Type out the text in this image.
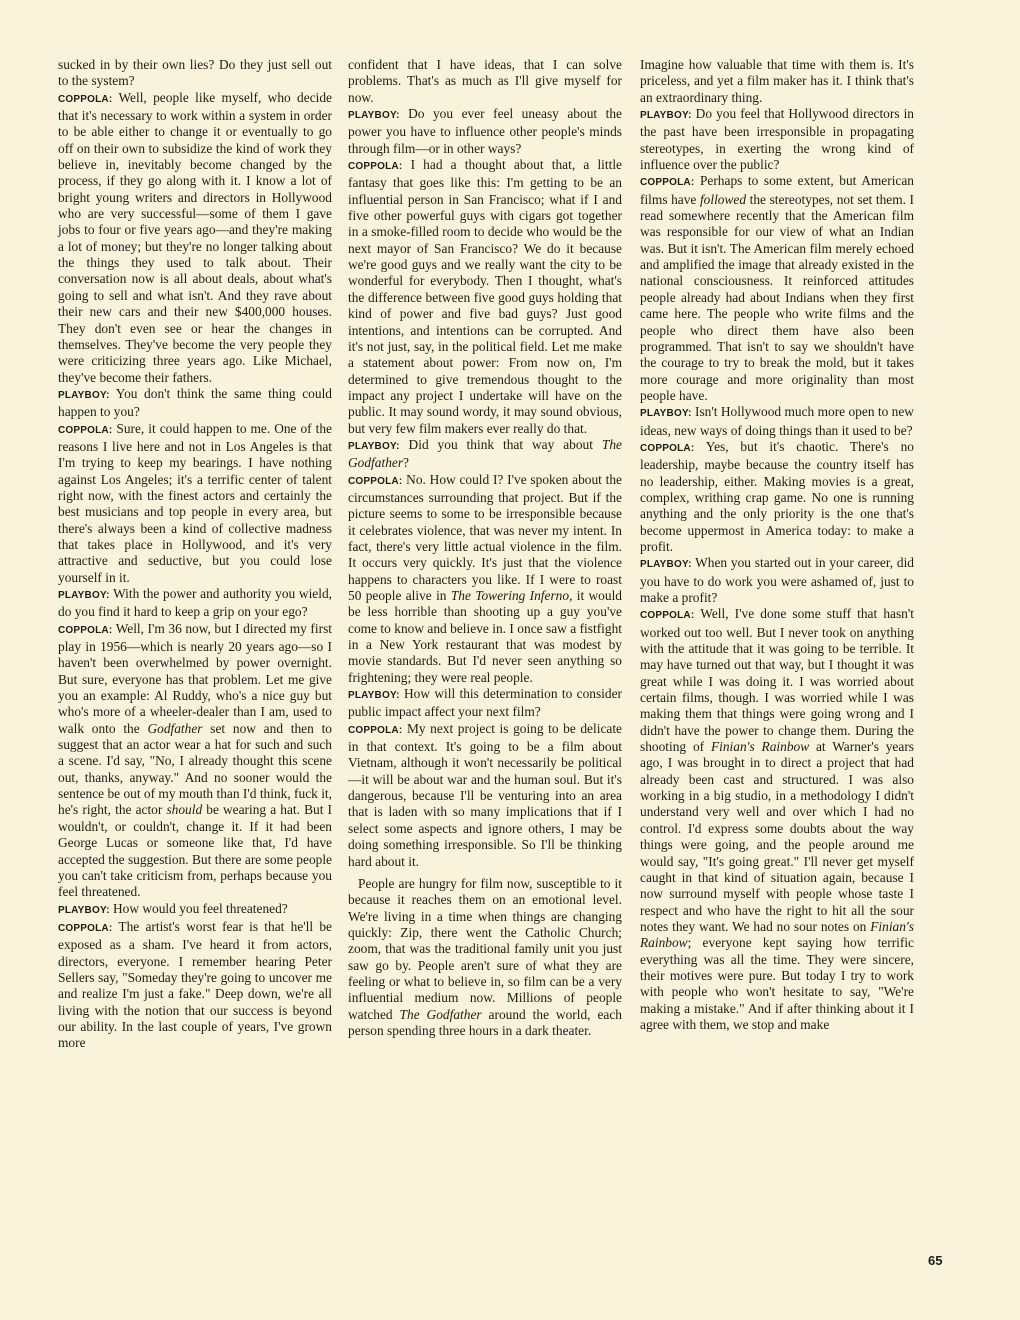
sucked in by their own lies? Do they just sell out to the system?

COPPOLA: Well, people like myself, who decide that it's necessary to work within a system in order to be able either to change it or eventually to go off on their own to subsidize the kind of work they believe in, inevitably become changed by the process, if they go along with it. I know a lot of bright young writers and directors in Hollywood who are very successful—some of them I gave jobs to four or five years ago—and they're making a lot of money; but they're no longer talking about the things they used to talk about. Their conversation now is all about deals, about what's going to sell and what isn't. And they rave about their new cars and their new $400,000 houses. They don't even see or hear the changes in themselves. They've become the very people they were criticizing three years ago. Like Michael, they've become their fathers.

PLAYBOY: You don't think the same thing could happen to you?

COPPOLA: Sure, it could happen to me. One of the reasons I live here and not in Los Angeles is that I'm trying to keep my bearings. I have nothing against Los Angeles; it's a terrific center of talent right now, with the finest actors and certainly the best musicians and top people in every area, but there's always been a kind of collective madness that takes place in Hollywood, and it's very attractive and seductive, but you could lose yourself in it.

PLAYBOY: With the power and authority you wield, do you find it hard to keep a grip on your ego?

COPPOLA: Well, I'm 36 now, but I directed my first play in 1956—which is nearly 20 years ago—so I haven't been overwhelmed by power overnight. But sure, everyone has that problem. Let me give you an example: Al Ruddy, who's a nice guy but who's more of a wheeler-dealer than I am, used to walk onto the Godfather set now and then to suggest that an actor wear a hat for such and such a scene. I'd say, "No, I already thought this scene out, thanks, anyway." And no sooner would the sentence be out of my mouth than I'd think, fuck it, he's right, the actor should be wearing a hat. But I wouldn't, or couldn't, change it. If it had been George Lucas or someone like that, I'd have accepted the suggestion. But there are some people you can't take criticism from, perhaps because you feel threatened.

PLAYBOY: How would you feel threatened?

COPPOLA: The artist's worst fear is that he'll be exposed as a sham. I've heard it from actors, directors, everyone. I remember hearing Peter Sellers say, "Someday they're going to uncover me and realize I'm just a fake." Deep down, we're all living with the notion that our success is beyond our ability. In the last couple of years, I've grown more

confident that I have ideas, that I can solve problems. That's as much as I'll give myself for now.

PLAYBOY: Do you ever feel uneasy about the power you have to influence other people's minds through film—or in other ways?

COPPOLA: I had a thought about that, a little fantasy that goes like this: I'm getting to be an influential person in San Francisco; what if I and five other powerful guys with cigars got together in a smoke-filled room to decide who would be the next mayor of San Francisco? We do it because we're good guys and we really want the city to be wonderful for everybody. Then I thought, what's the difference between five good guys holding that kind of power and five bad guys? Just good intentions, and intentions can be corrupted. And it's not just, say, in the political field. Let me make a statement about power: From now on, I'm determined to give tremendous thought to the impact any project I undertake will have on the public. It may sound wordy, it may sound obvious, but very few film makers ever really do that.

PLAYBOY: Did you think that way about The Godfather?

COPPOLA: No. How could I? I've spoken about the circumstances surrounding that project. But if the picture seems to some to be irresponsible because it celebrates violence, that was never my intent. In fact, there's very little actual violence in the film. It occurs very quickly. It's just that the violence happens to characters you like. If I were to roast 50 people alive in The Towering Inferno, it would be less horrible than shooting up a guy you've come to know and believe in. I once saw a fistfight in a New York restaurant that was modest by movie standards. But I'd never seen anything so frightening; they were real people.

PLAYBOY: How will this determination to consider public impact affect your next film?

COPPOLA: My next project is going to be delicate in that context. It's going to be a film about Vietnam, although it won't necessarily be political—it will be about war and the human soul. But it's dangerous, because I'll be venturing into an area that is laden with so many implications that if I select some aspects and ignore others, I may be doing something irresponsible. So I'll be thinking hard about it.

People are hungry for film now, susceptible to it because it reaches them on an emotional level. We're living in a time when things are changing quickly: Zip, there went the Catholic Church; zoom, that was the traditional family unit you just saw go by. People aren't sure of what they are feeling or what to believe in, so film can be a very influential medium now. Millions of people watched The Godfather around the world, each person spending three hours in a dark theater.

Imagine how valuable that time with them is. It's priceless, and yet a film maker has it. I think that's an extraordinary thing.

PLAYBOY: Do you feel that Hollywood directors in the past have been irresponsible in propagating stereotypes, in exerting the wrong kind of influence over the public?

COPPOLA: Perhaps to some extent, but American films have followed the stereotypes, not set them. I read somewhere recently that the American film was responsible for our view of what an Indian was. But it isn't. The American film merely echoed and amplified the image that already existed in the national consciousness. It reinforced attitudes people already had about Indians when they first came here. The people who write films and the people who direct them have also been programmed. That isn't to say we shouldn't have the courage to try to break the mold, but it takes more courage and more originality than most people have.

PLAYBOY: Isn't Hollywood much more open to new ideas, new ways of doing things than it used to be?

COPPOLA: Yes, but it's chaotic. There's no leadership, maybe because the country itself has no leadership, either. Making movies is a great, complex, writhing crap game. No one is running anything and the only priority is the one that's become uppermost in America today: to make a profit.

PLAYBOY: When you started out in your career, did you have to do work you were ashamed of, just to make a profit?

COPPOLA: Well, I've done some stuff that hasn't worked out too well. But I never took on anything with the attitude that it was going to be terrible. It may have turned out that way, but I thought it was great while I was doing it. I was worried about certain films, though. I was worried while I was making them that things were going wrong and I didn't have the power to change them. During the shooting of Finian's Rainbow at Warner's years ago, I was brought in to direct a project that had already been cast and structured. I was also working in a big studio, in a methodology I didn't understand very well and over which I had no control. I'd express some doubts about the way things were going, and the people around me would say, "It's going great." I'll never get myself caught in that kind of situation again, because I now surround myself with people whose taste I respect and who have the right to hit all the sour notes they want. We had no sour notes on Finian's Rainbow; everyone kept saying how terrific everything was all the time. They were sincere, their motives were pure. But today I try to work with people who won't hesitate to say, "We're making a mistake." And if after thinking about it I agree with them, we stop and make

65
